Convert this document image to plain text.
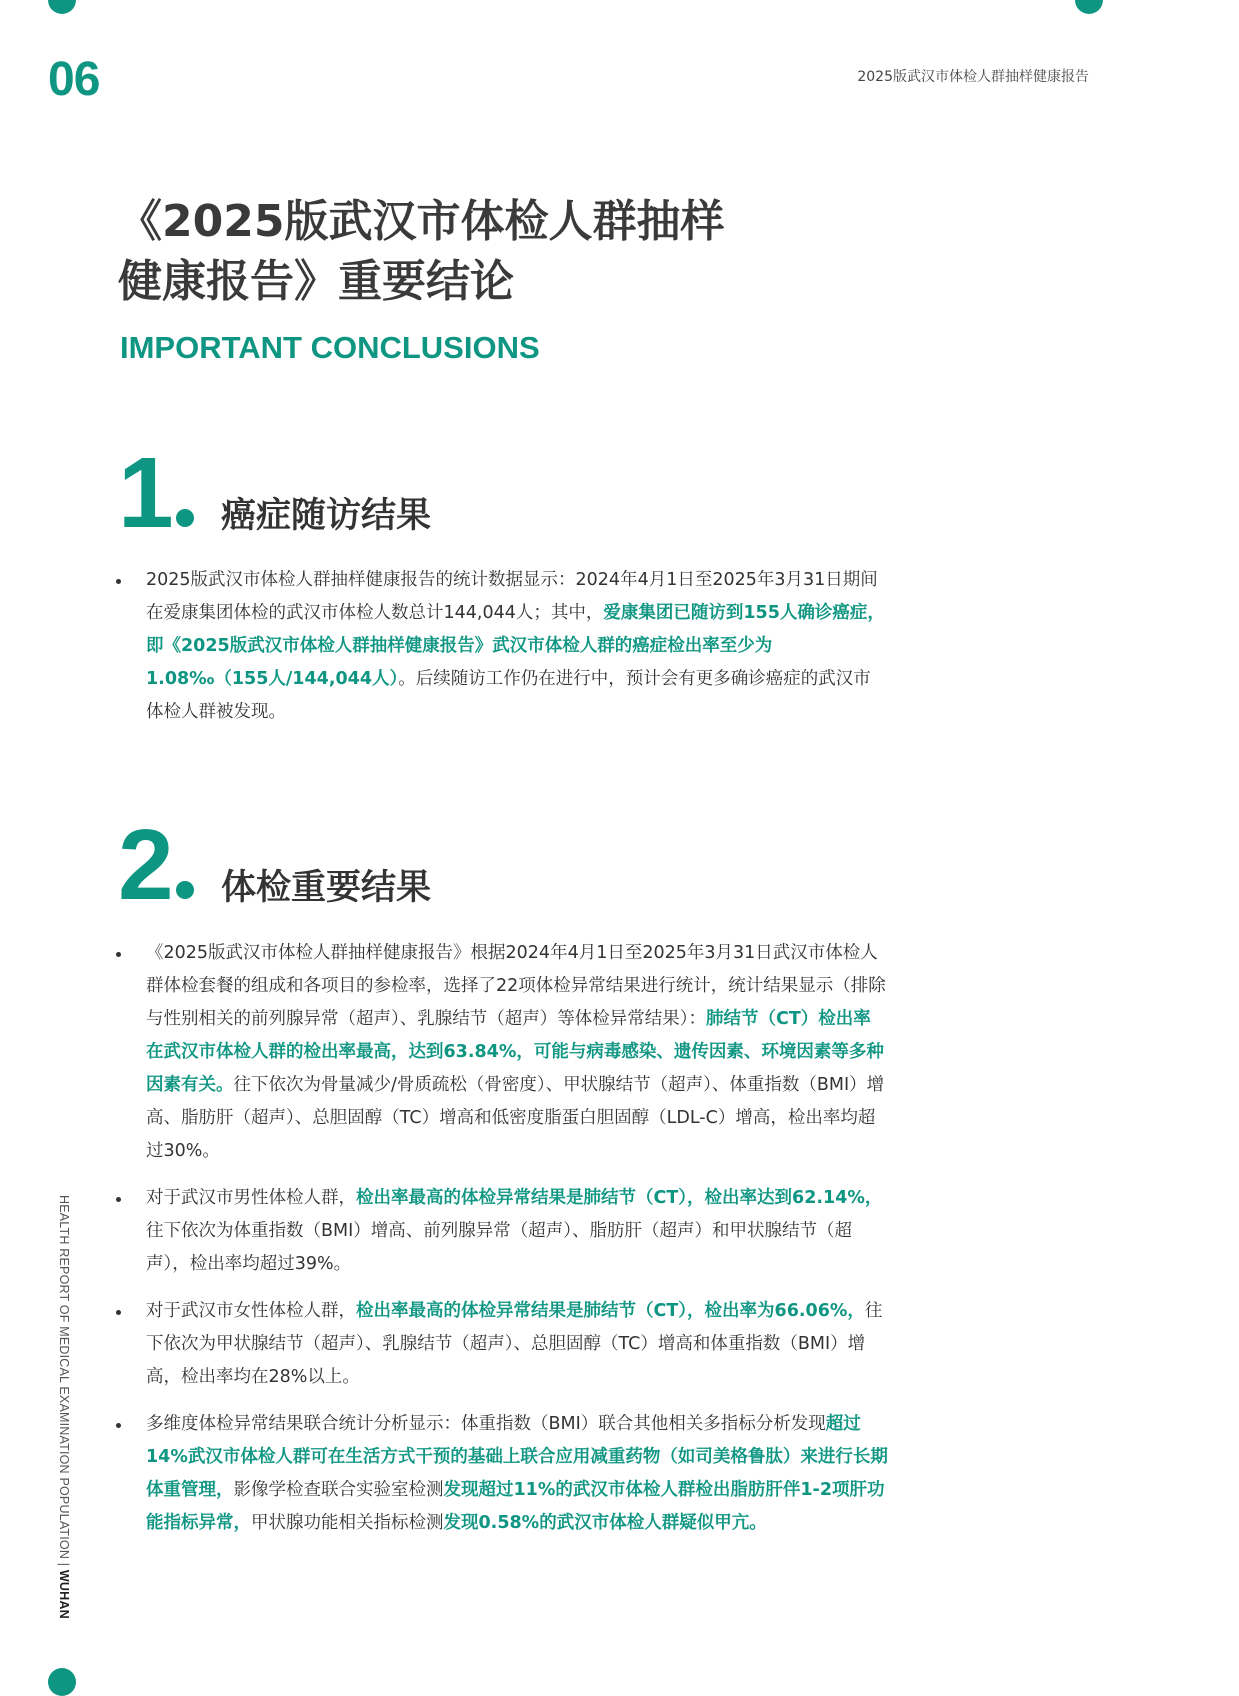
06	2025版武汉市体检人群抽样健康报告
《2025版武汉市体检人群抽样
健康报告》重要结论
IMPORTANT CONCLUSIONS
1	癌症随访结果
2025版武汉市体检人群抽样健康报告的统计数据显示：2024年4月1日至2025年3月31日期间在爱康集团体检的武汉市体检人数总计144,044人；其中，爱康集团已随访到155人确诊癌症，即《2025版武汉市体检人群抽样健康报告》武汉市体检人群的癌症检出率至少为1.08‰（155人/144,044人）。后续随访工作仍在进行中，预计会有更多确诊癌症的武汉市体检人群被发现。
2	体检重要结果
《2025版武汉市体检人群抽样健康报告》根据2024年4月1日至2025年3月31日武汉市体检人群体检套餐的组成和各项目的参检率，选择了22项体检异常结果进行统计，统计结果显示（排除与性别相关的前列腺异常（超声）、乳腺结节（超声）等体检异常结果）：肺结节（CT）检出率在武汉市体检人群的检出率最高，达到63.84%，可能与病毒感染、遗传因素、环境因素等多种因素有关。往下依次为骨量减少/骨质疏松（骨密度）、甲状腺结节（超声）、体重指数（BMI）增高、脂肪肝（超声）、总胆固醇（TC）增高和低密度脂蛋白胆固醇（LDL-C）增高，检出率均超过30%。
对于武汉市男性体检人群，检出率最高的体检异常结果是肺结节（CT），检出率达到62.14%，往下依次为体重指数（BMI）增高、前列腺异常（超声）、脂肪肝（超声）和甲状腺结节（超声），检出率均超过39%。
对于武汉市女性体检人群，检出率最高的体检异常结果是肺结节（CT），检出率为66.06%，往下依次为甲状腺结节（超声）、乳腺结节（超声）、总胆固醇（TC）增高和体重指数（BMI）增高，检出率均在28%以上。
多维度体检异常结果联合统计分析显示：体重指数（BMI）联合其他相关多指标分析发现超过14%武汉市体检人群可在生活方式干预的基础上联合应用减重药物（如司美格鲁肽）来进行长期体重管理，影像学检查联合实验室检测发现超过11%的武汉市体检人群检出脂肪肝伴1-2项肝功能指标异常，甲状腺功能相关指标检测发现0.58%的武汉市体检人群疑似甲亢。
HEALTH REPORT OF MEDICAL EXAMINATION POPULATION | WUHAN
